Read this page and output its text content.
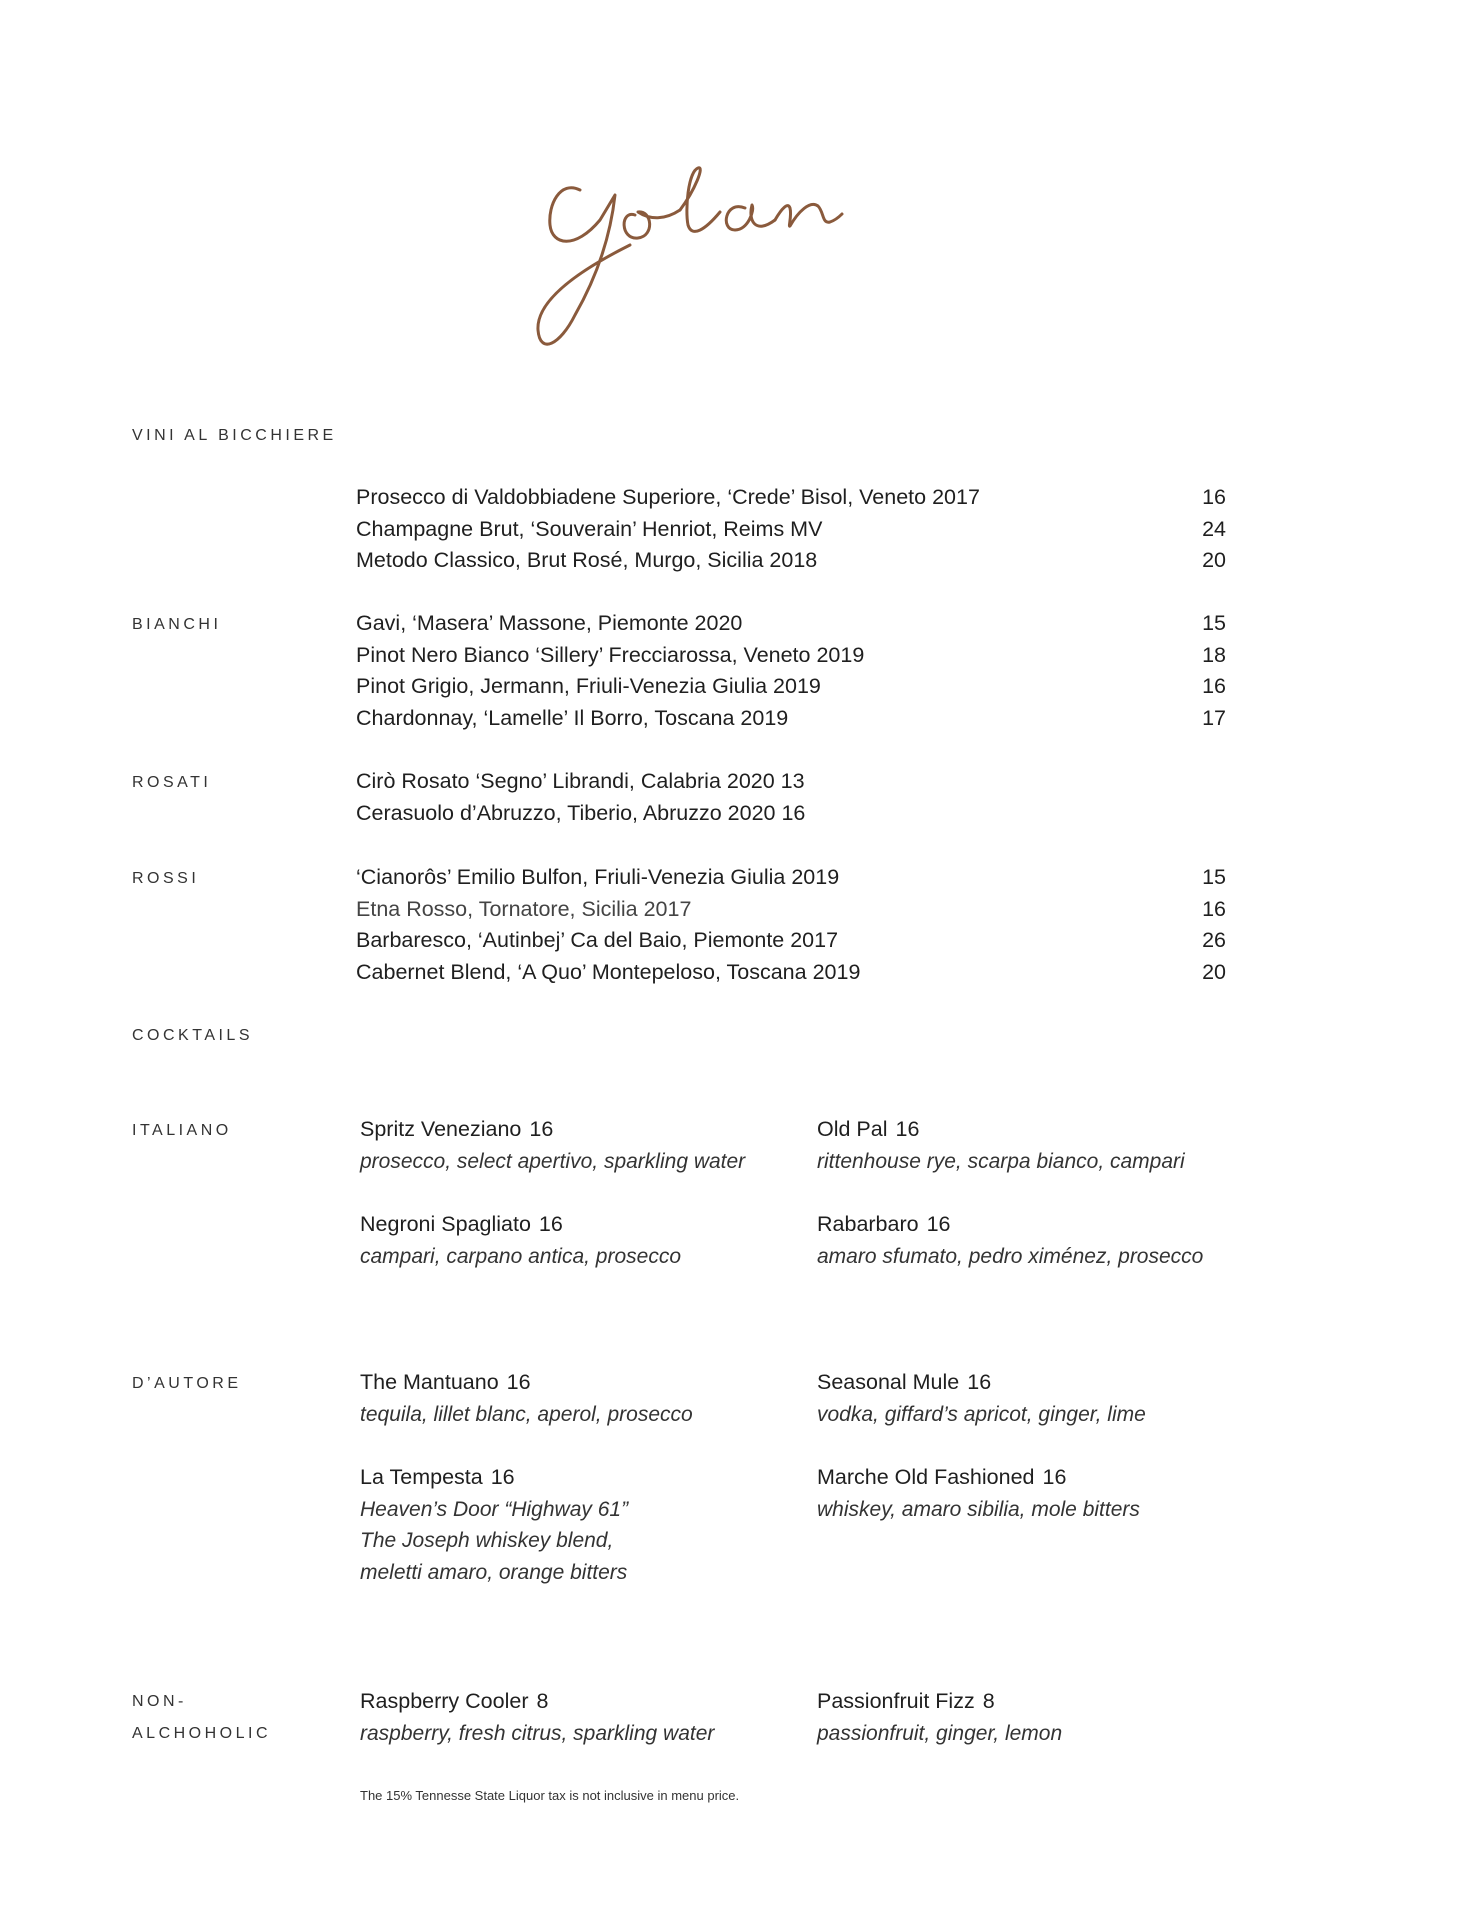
VINI AL BICCHIERE
Prosecco di Valdobbiadene Superiore, ‘Crede’ Bisol, Veneto 2017	16
Champagne Brut, ‘Souverain’ Henriot, Reims MV	24
Metodo Classico, Brut Rosé, Murgo, Sicilia 2018	20
BIANCHI	Gavi, ‘Masera’ Massone, Piemonte 2020	15
Pinot Nero Bianco ‘Sillery’ Frecciarossa, Veneto 2019	18
Pinot Grigio, Jermann, Friuli-Venezia Giulia 2019	16
Chardonnay, ‘Lamelle’ Il Borro, Toscana 2019	17
ROSATI	Cirò Rosato ‘Segno’ Librandi, Calabria 2020 13
Cerasuolo d’Abruzzo, Tiberio, Abruzzo 2020 16
ROSSI	‘Cianorôs’ Emilio Bulfon, Friuli-Venezia Giulia 2019	15
Etna Rosso, Tornatore, Sicilia 2017	16
Barbaresco, ‘Autinbej’ Ca del Baio, Piemonte 2017	26
Cabernet Blend, ‘A Quo’ Montepeloso, Toscana 2019	20
COCKTAILS
ITALIANO	Spritz Veneziano 16
prosecco, select apertivo, sparkling water
Old Pal 16
rittenhouse rye, scarpa bianco, campari
Negroni Spagliato 16
campari, carpano antica, prosecco
Rabarbaro 16
amaro sfumato, pedro ximénez, prosecco
D’AUTORE	The Mantuano 16
tequila, lillet blanc, aperol, prosecco
Seasonal Mule 16
vodka, giffard’s apricot, ginger, lime
La Tempesta 16
Heaven’s Door “Highway 61”
The Joseph whiskey blend,
meletti amaro, orange bitters
Marche Old Fashioned 16
whiskey, amaro sibilia, mole bitters
NON-
ALCHOHOLIC
Raspberry Cooler 8
raspberry, fresh citrus, sparkling water
Passionfruit Fizz 8
passionfruit, ginger, lemon
The 15% Tennesse State Liquor tax is not inclusive in menu price.
